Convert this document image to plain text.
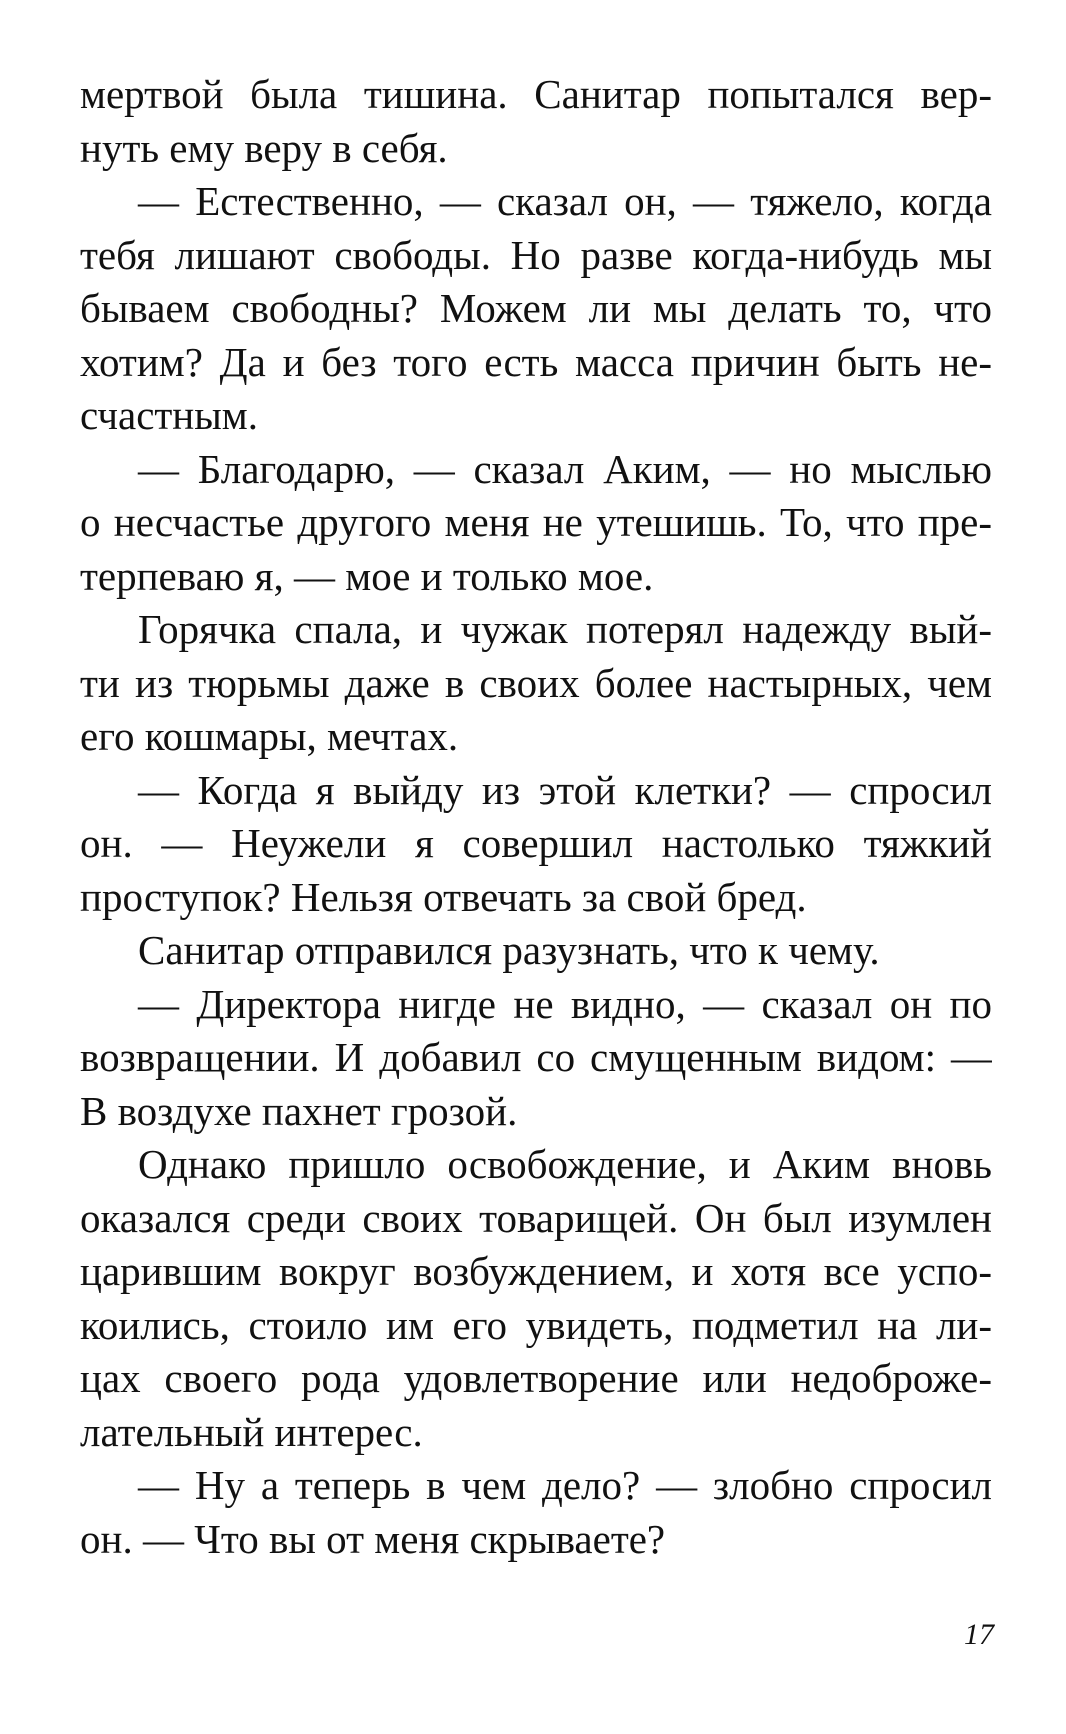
мертвой была тишина. Санитар попытался вер-
нуть ему веру в себя.
— Естественно, — сказал он, — тяжело, когда
тебя лишают свободы. Но разве когда-нибудь мы
бываем свободны? Можем ли мы делать то, что
хотим? Да и без того есть масса причин быть не-
счастным.
— Благодарю, — сказал Аким, — но мыслью
о несчастье другого меня не утешишь. То, что пре-
терпеваю я, — мое и только мое.
Горячка спала, и чужак потерял надежду вый-
ти из тюрьмы даже в своих более настырных, чем
его кошмары, мечтах.
— Когда я выйду из этой клетки? — спросил
он. — Неужели я совершил настолько тяжкий
проступок? Нельзя отвечать за свой бред.
Санитар отправился разузнать, что к чему.
— Директора нигде не видно, — сказал он по
возвращении. И добавил со смущенным видом: —
В воздухе пахнет грозой.
Однако пришло освобождение, и Аким вновь
оказался среди своих товарищей. Он был изумлен
царившим вокруг возбуждением, и хотя все успо-
коились, стоило им его увидеть, подметил на ли-
цах своего рода удовлетворение или недоброже-
лательный интерес.
— Ну а теперь в чем дело? — злобно спросил
он. — Что вы от меня скрываете?
17
